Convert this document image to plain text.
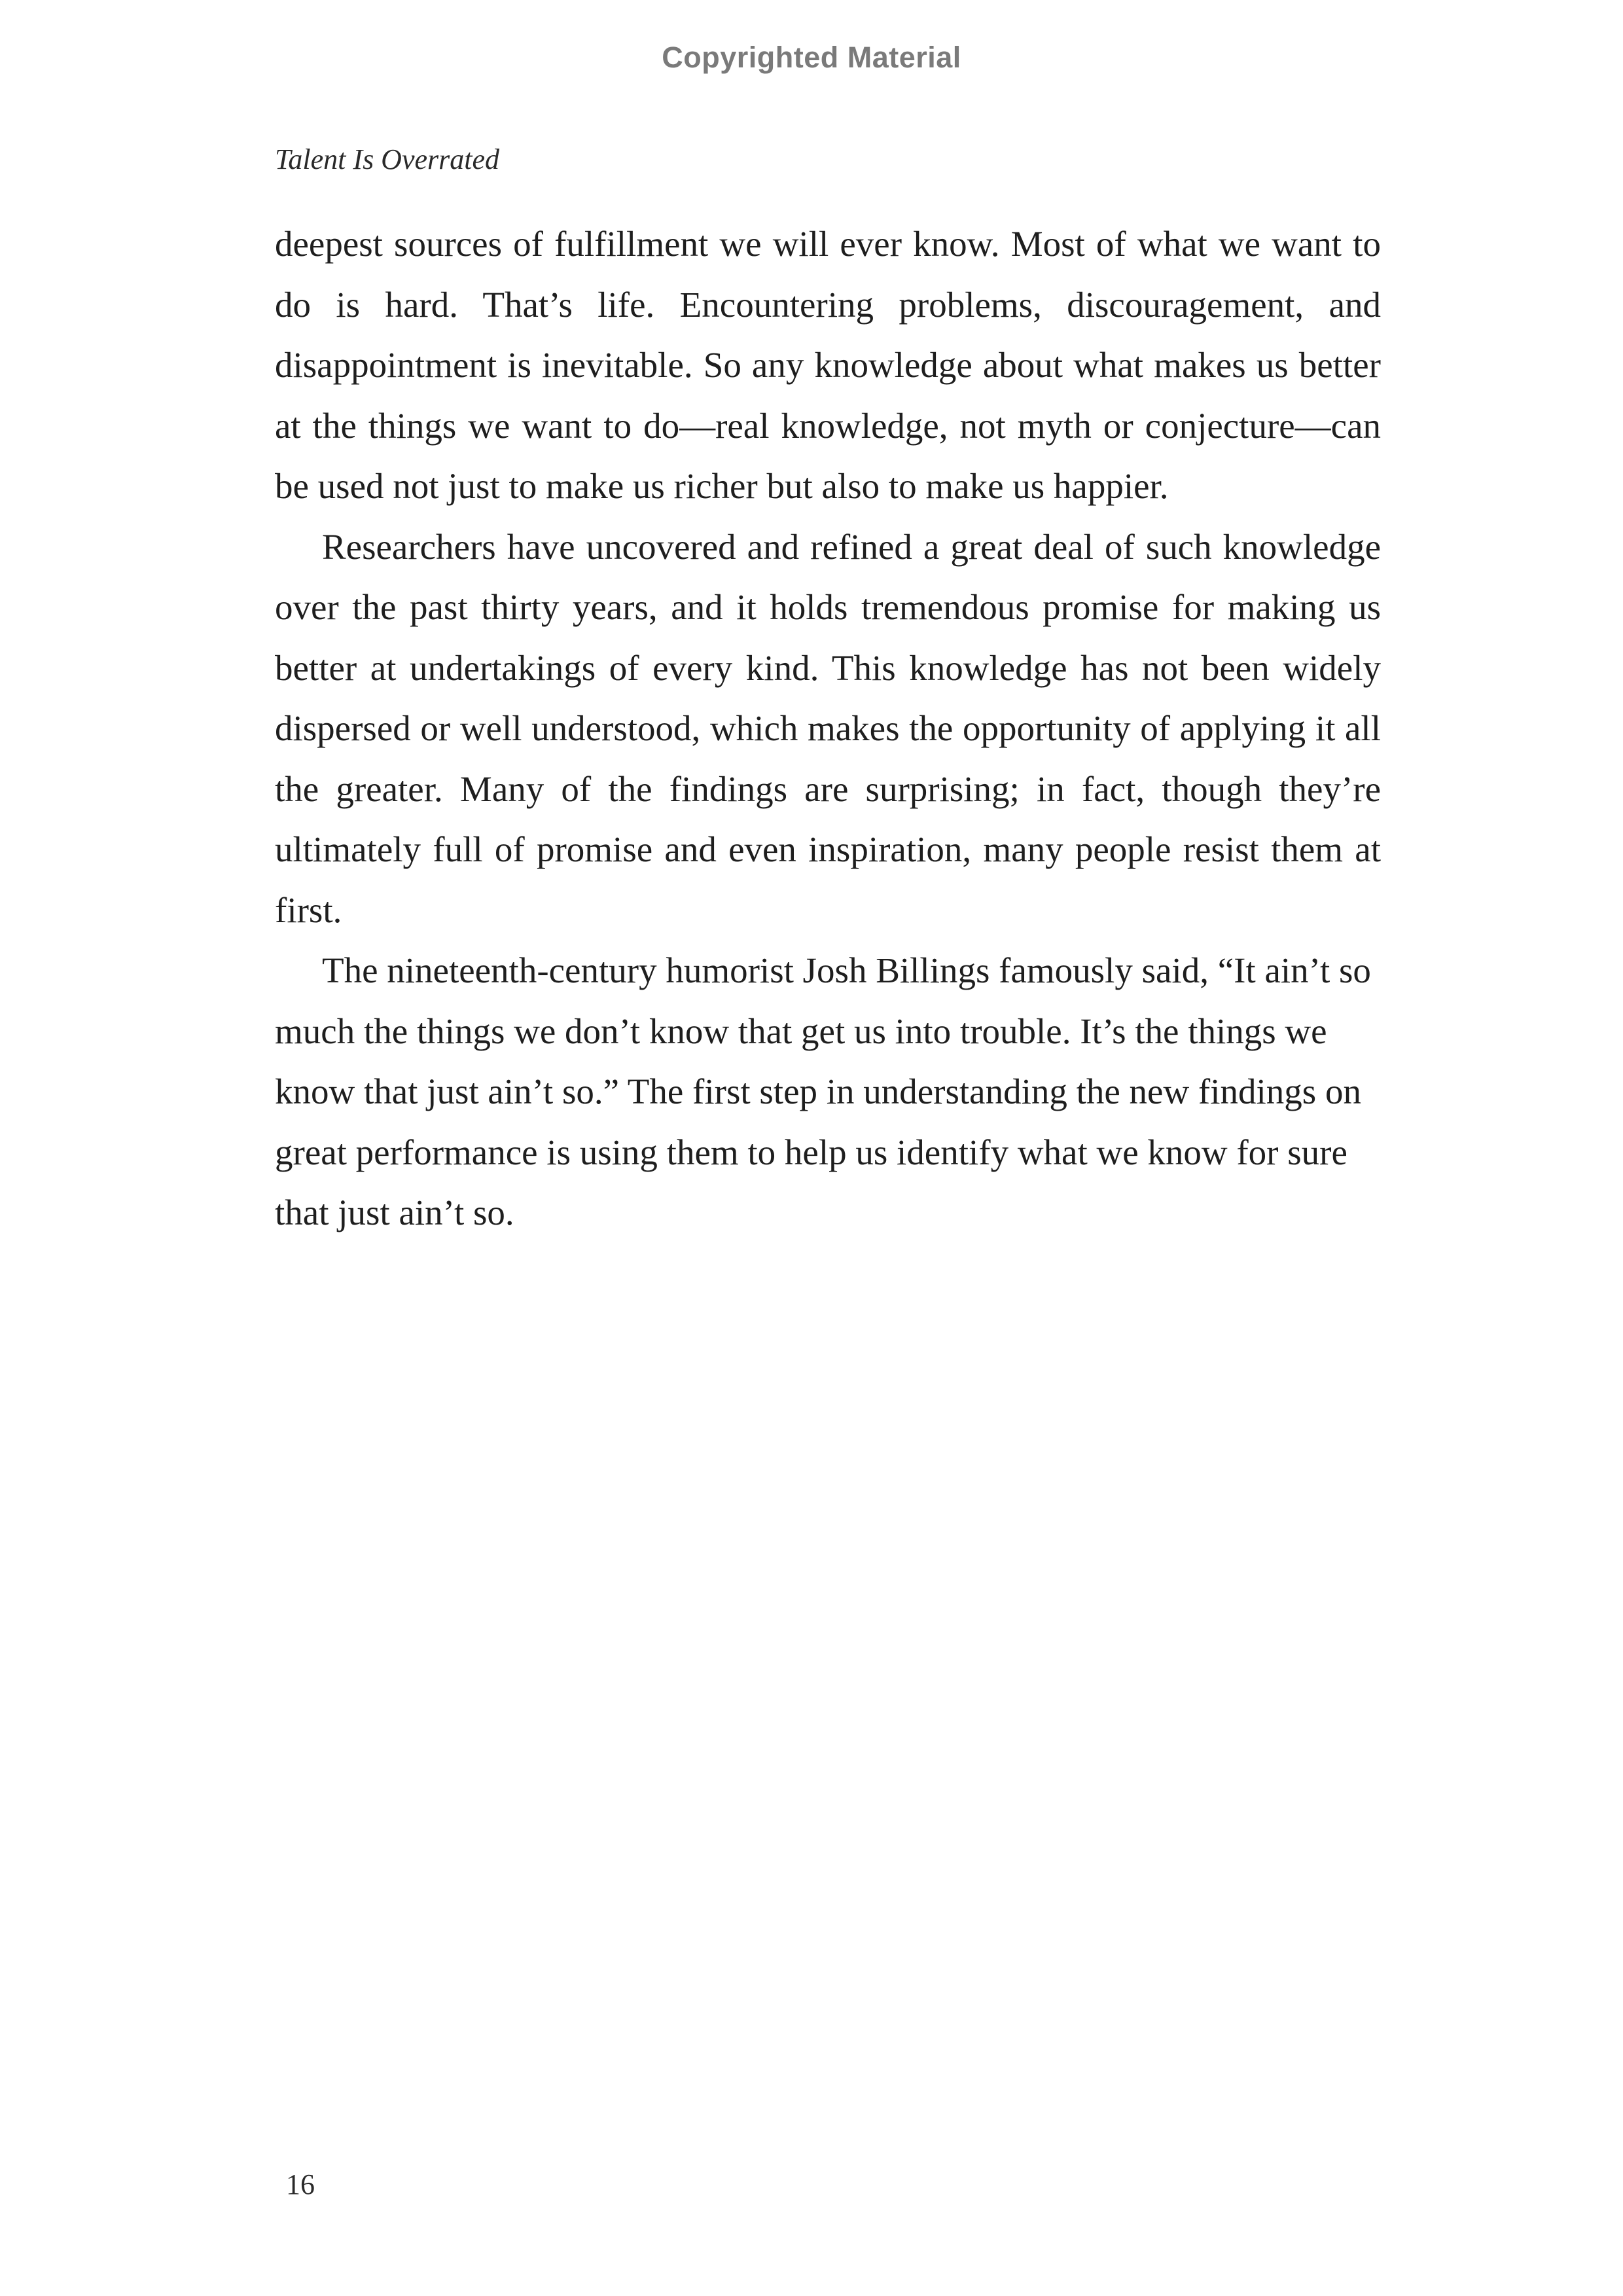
Copyrighted Material
Talent Is Overrated

deepest sources of fulfillment we will ever know. Most of what we want to do is hard. That’s life. Encountering problems, discouragement, and disappointment is inevitable. So any knowledge about what makes us better at the things we want to do—real knowledge, not myth or conjecture—can be used not just to make us richer but also to make us happier.

Researchers have uncovered and refined a great deal of such knowledge over the past thirty years, and it holds tremendous promise for making us better at undertakings of every kind. This knowledge has not been widely dispersed or well understood, which makes the opportunity of applying it all the greater. Many of the findings are surprising; in fact, though they’re ultimately full of promise and even inspiration, many people resist them at first.

The nineteenth-century humorist Josh Billings famously said, “It ain’t so much the things we don’t know that get us into trouble. It’s the things we know that just ain’t so.” The first step in understanding the new findings on great performance is using them to help us identify what we know for sure that just ain’t so.

16
